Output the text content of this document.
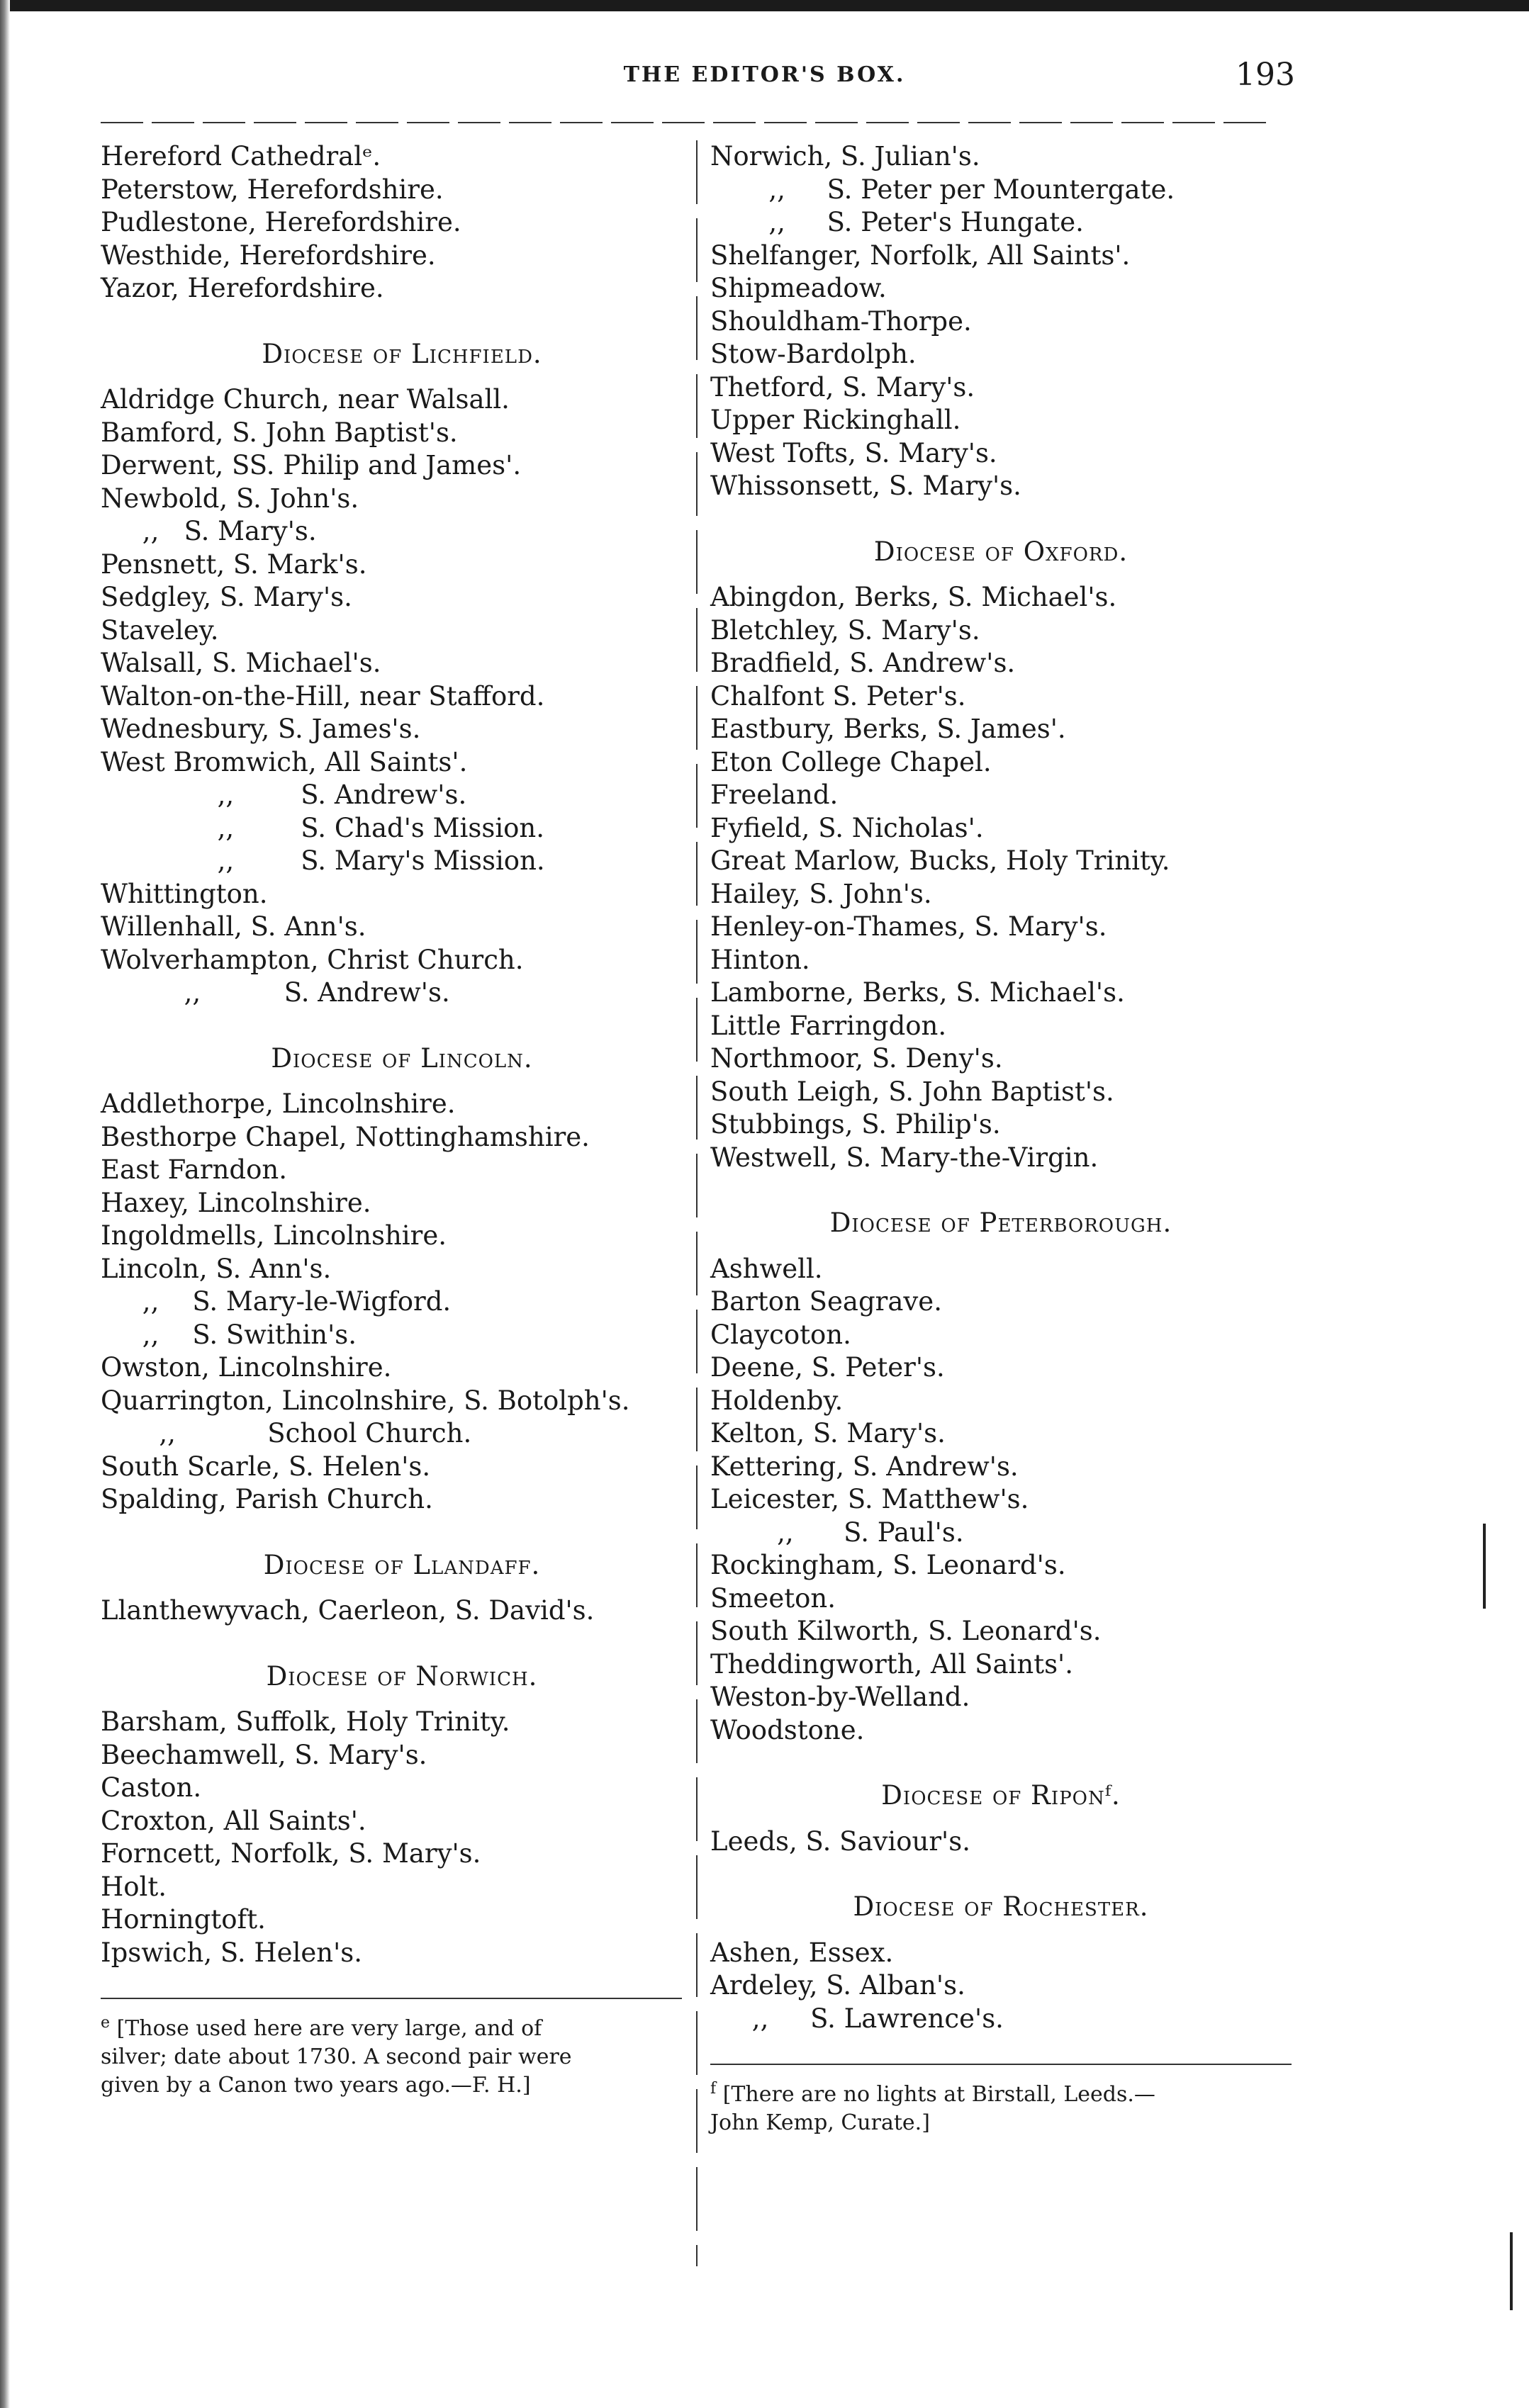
THE EDITOR'S BOX.	193
Hereford Cathedralᵉ.
Peterstow, Herefordshire.
Pudlestone, Herefordshire.
Westhide, Herefordshire.
Yazor, Herefordshire.
Diocese of Lichfield.
Aldridge Church, near Walsall.
Bamford, S. John Baptist's.
Derwent, SS. Philip and James'.
Newbold, S. John's.
,,   S. Mary's.
Pensnett, S. Mark's.
Sedgley, S. Mary's.
Staveley.
Walsall, S. Michael's.
Walton-on-the-Hill, near Stafford.
Wednesbury, S. James's.
West Bromwich, All Saints'.
,,        S. Andrew's.
,,        S. Chad's Mission.
,,        S. Mary's Mission.
Whittington.
Willenhall, S. Ann's.
Wolverhampton, Christ Church.
,,          S. Andrew's.
Diocese of Lincoln.
Addlethorpe, Lincolnshire.
Besthorpe Chapel, Nottinghamshire.
East Farndon.
Haxey, Lincolnshire.
Ingoldmells, Lincolnshire.
Lincoln, S. Ann's.
,,    S. Mary-le-Wigford.
,,    S. Swithin's.
Owston, Lincolnshire.
Quarrington, Lincolnshire, S. Botolph's.
,,           School Church.
South Scarle, S. Helen's.
Spalding, Parish Church.
Diocese of Llandaff.
Llanthewyvach, Caerleon, S. David's.
Diocese of Norwich.
Barsham, Suffolk, Holy Trinity.
Beechamwell, S. Mary's.
Caston.
Croxton, All Saints'.
Forncett, Norfolk, S. Mary's.
Holt.
Horningtoft.
Ipswich, S. Helen's.
$^e$ [Those used here are very large, and of
silver; date about 1730. A second pair were
given by a Canon two years ago.—F. H.]
Norwich, S. Julian's.
,,     S. Peter per Mountergate.
,,     S. Peter's Hungate.
Shelfanger, Norfolk, All Saints'.
Shipmeadow.
Shouldham-Thorpe.
Stow-Bardolph.
Thetford, S. Mary's.
Upper Rickinghall.
West Tofts, S. Mary's.
Whissonsett, S. Mary's.
Diocese of Oxford.
Abingdon, Berks, S. Michael's.
Bletchley, S. Mary's.
Bradfield, S. Andrew's.
Chalfont S. Peter's.
Eastbury, Berks, S. James'.
Eton College Chapel.
Freeland.
Fyfield, S. Nicholas'.
Great Marlow, Bucks, Holy Trinity.
Hailey, S. John's.
Henley-on-Thames, S. Mary's.
Hinton.
Lamborne, Berks, S. Michael's.
Little Farringdon.
Northmoor, S. Deny's.
South Leigh, S. John Baptist's.
Stubbings, S. Philip's.
Westwell, S. Mary-the-Virgin.
Diocese of Peterborough.
Ashwell.
Barton Seagrave.
Claycoton.
Deene, S. Peter's.
Holdenby.
Kelton, S. Mary's.
Kettering, S. Andrew's.
Leicester, S. Matthew's.
,,      S. Paul's.
Rockingham, S. Leonard's.
Smeeton.
South Kilworth, S. Leonard's.
Theddingworth, All Saints'.
Weston-by-Welland.
Woodstone.
Diocese of Riponᶠ.
Leeds, S. Saviour's.
Diocese of Rochester.
Ashen, Essex.
Ardeley, S. Alban's.
,,     S. Lawrence's.
$^f$ [There are no lights at Birstall, Leeds.—
John Kemp, Curate.]
